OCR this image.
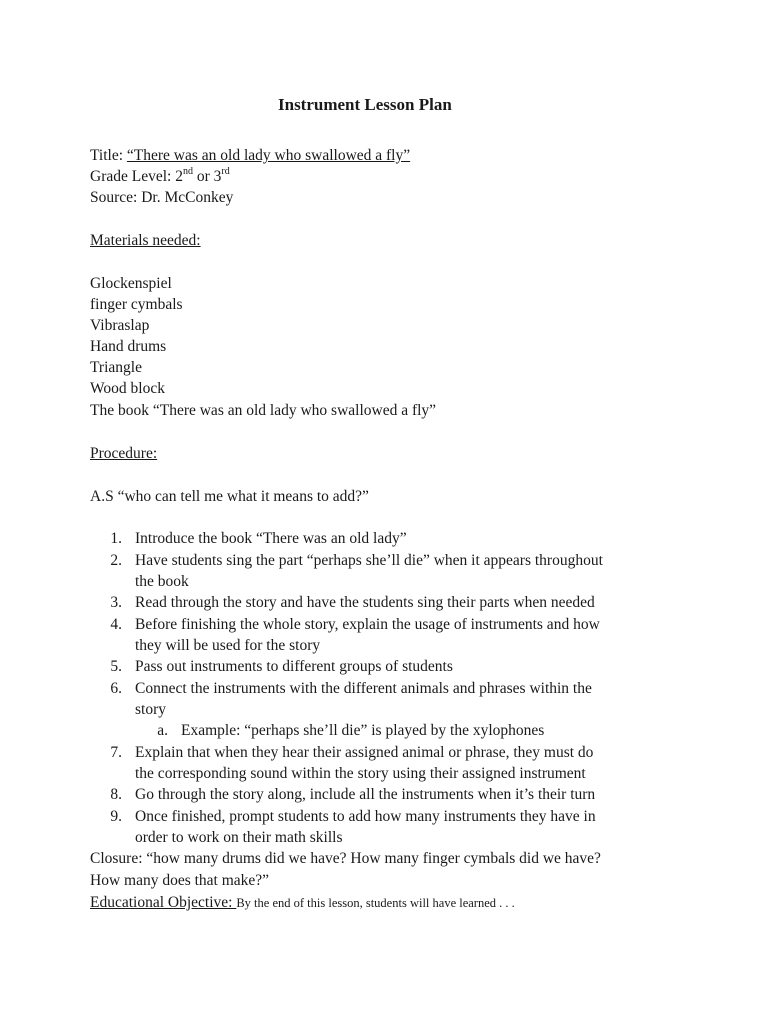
Instrument Lesson Plan
Title: “There was an old lady who swallowed a fly”
Grade Level: 2nd or 3rd
Source: Dr. McConkey
Materials needed:
Glockenspiel
finger cymbals
Vibraslap
Hand drums
Triangle
Wood block
The book “There was an old lady who swallowed a fly”
Procedure:
A.S “who can tell me what it means to add?”
1. Introduce the book “There was an old lady”
2. Have students sing the part “perhaps she’ll die” when it appears throughout
the book
3. Read through the story and have the students sing their parts when needed
4. Before finishing the whole story, explain the usage of instruments and how
they will be used for the story
5. Pass out instruments to different groups of students
6. Connect the instruments with the different animals and phrases within the
story
a. Example: “perhaps she’ll die” is played by the xylophones
7. Explain that when they hear their assigned animal or phrase, they must do
the corresponding sound within the story using their assigned instrument
8. Go through the story along, include all the instruments when it’s their turn
9. Once finished, prompt students to add how many instruments they have in
order to work on their math skills
Closure: “how many drums did we have? How many finger cymbals did we have?
How many does that make?”
Educational Objective: By the end of this lesson, students will have learned . . .
